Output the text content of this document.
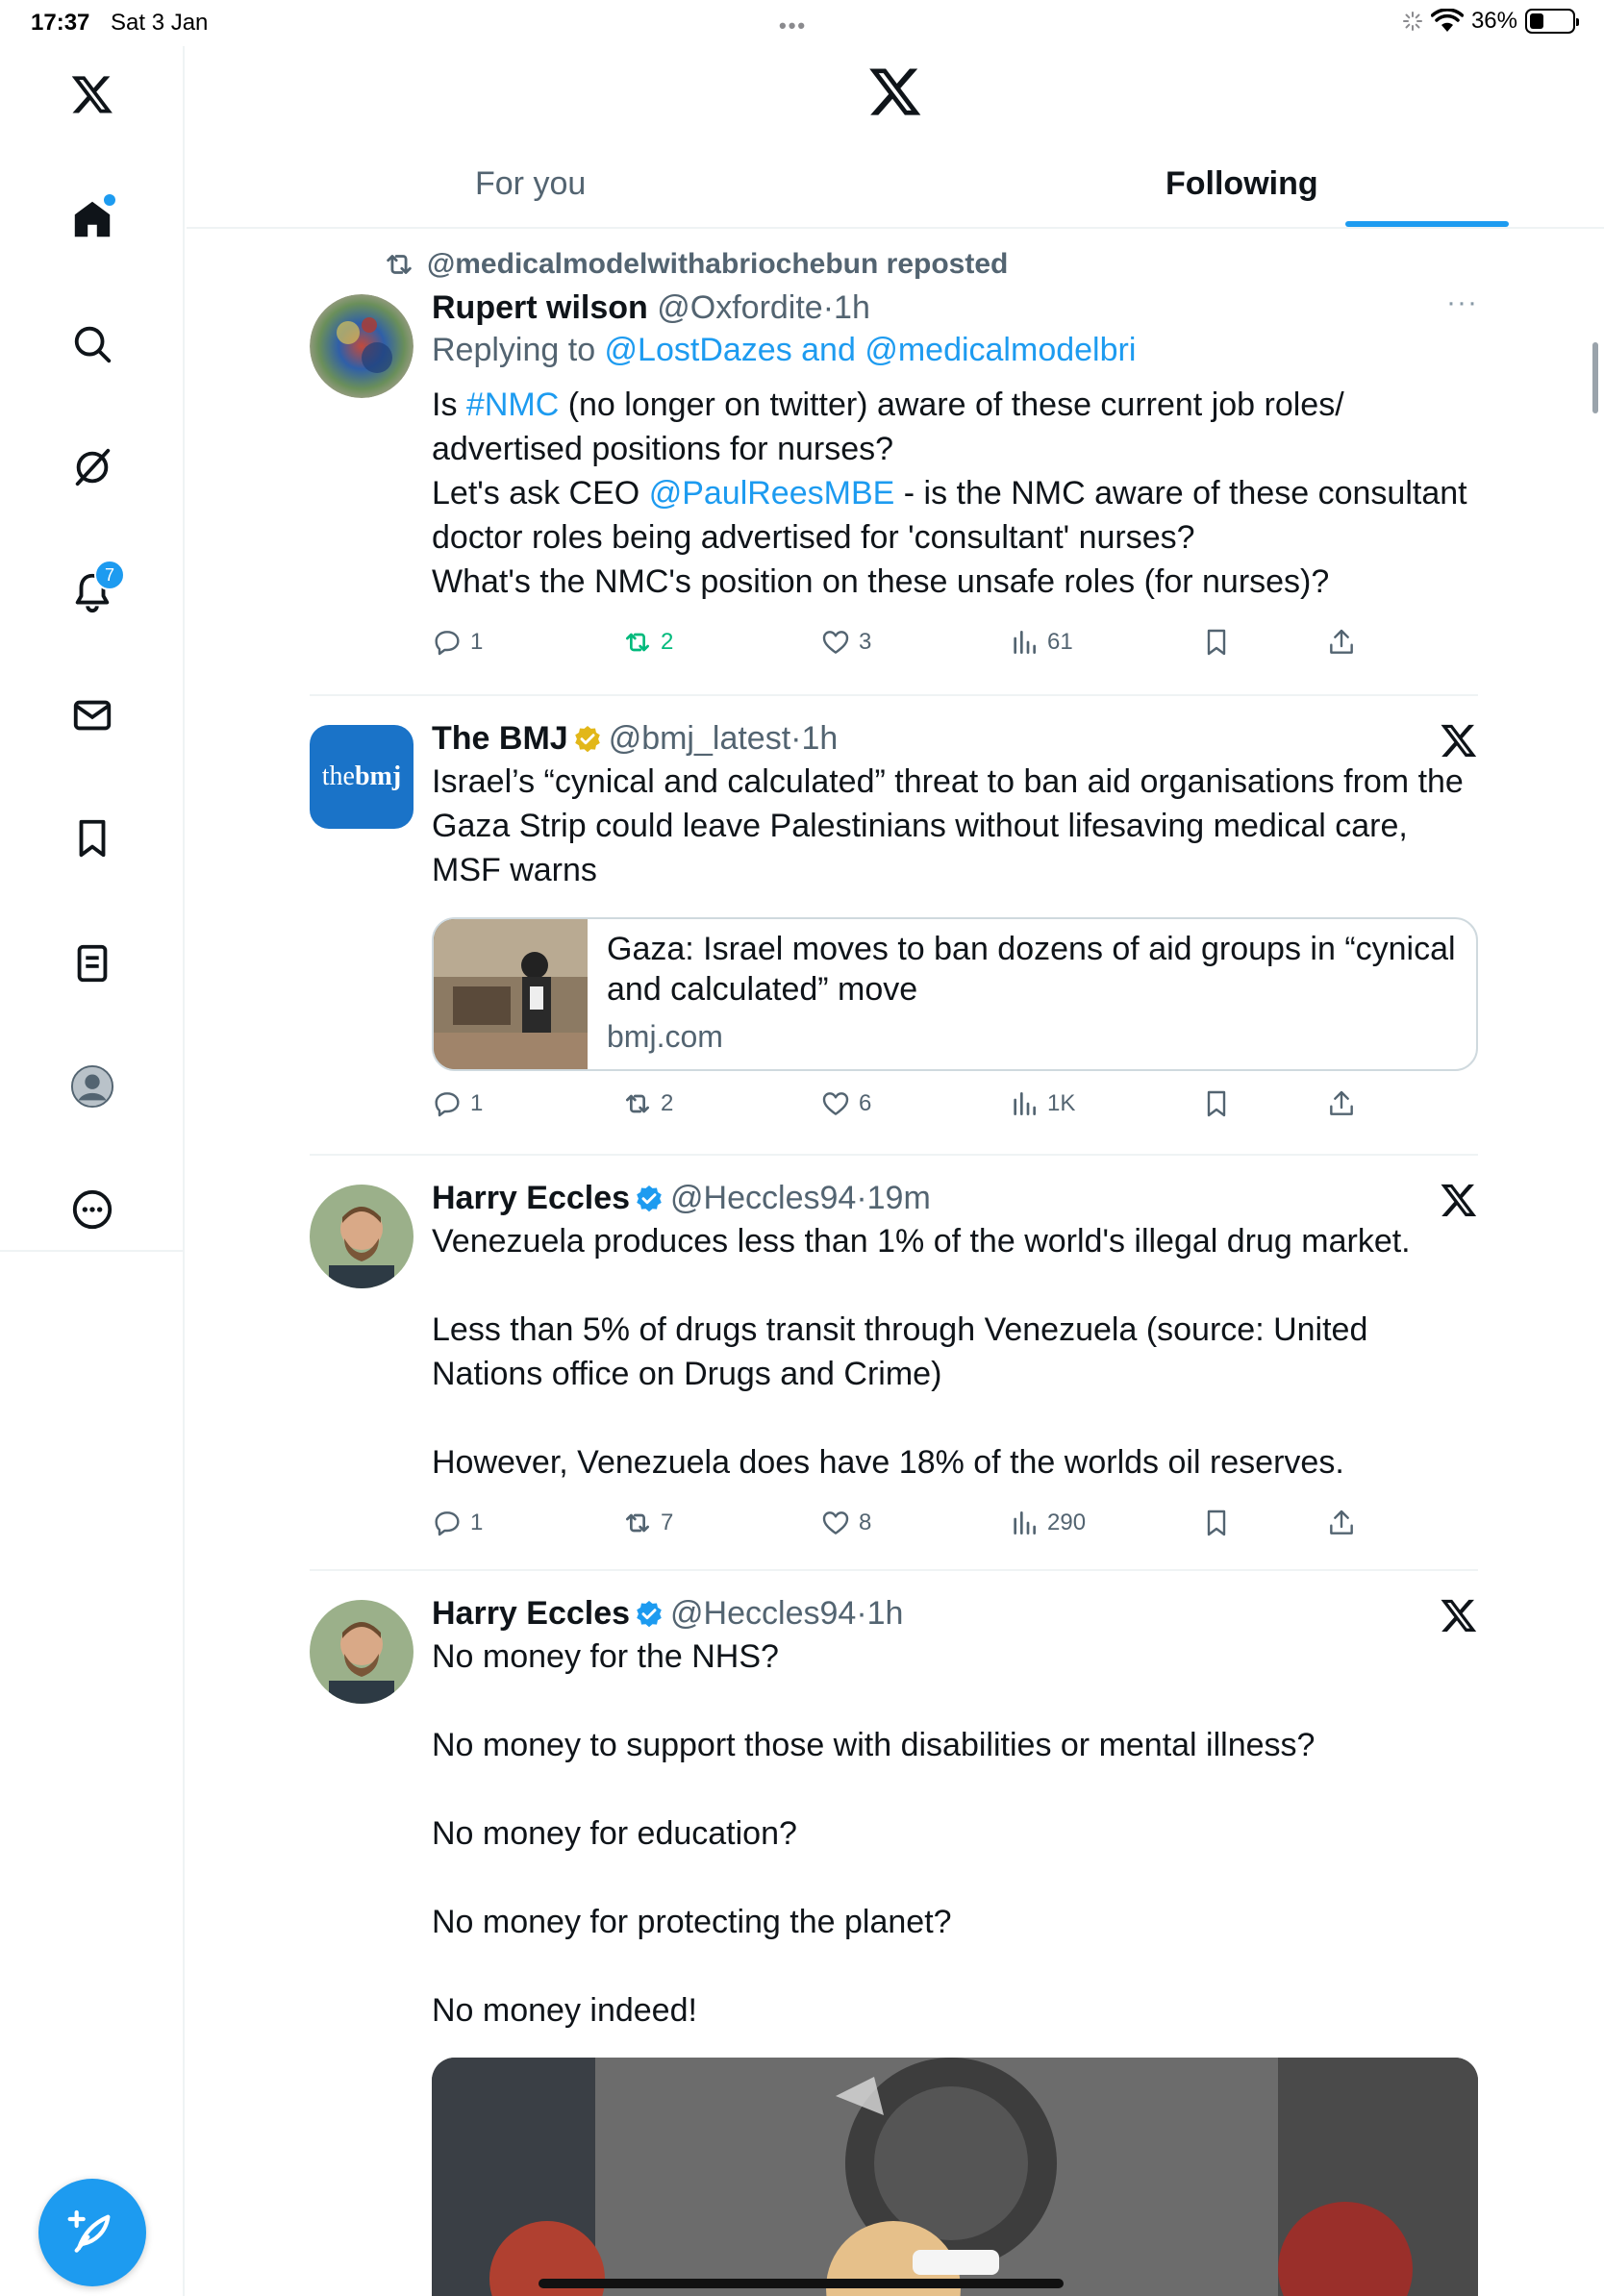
17:37 Sat 3 Jan	•••	36%
7
For you	Following
@medicalmodelwithabriochebun reposted
Rupert wilson @Oxfordite·1h	···
Replying to @LostDazes and @medicalmodelbri
Is #NMC (no longer on twitter) aware of these current job roles/ advertised positions for nurses?
Let's ask CEO @PaulReesMBE - is the NMC aware of these consultant doctor roles being advertised for 'consultant' nurses?
What's the NMC's position on these unsafe roles (for nurses)?
1	2	3	61
thebmj
The BMJ @bmj_latest·1h
Israel’s “cynical and calculated” threat to ban aid organisations from the Gaza Strip could leave Palestinians without lifesaving medical care, MSF warns
Gaza: Israel moves to ban dozens of aid groups in “cynical and calculated” move
bmj.com
1	2	6	1K
Harry Eccles @Heccles94·19m
Venezuela produces less than 1% of the world's illegal drug market.

Less than 5% of drugs transit through Venezuela (source: United Nations office on Drugs and Crime)

However, Venezuela does have 18% of the worlds oil reserves.
1	7	8	290
Harry Eccles @Heccles94·1h
No money for the NHS?

No money to support those with disabilities or mental illness?

No money for education?

No money for protecting the planet?

No money indeed!
